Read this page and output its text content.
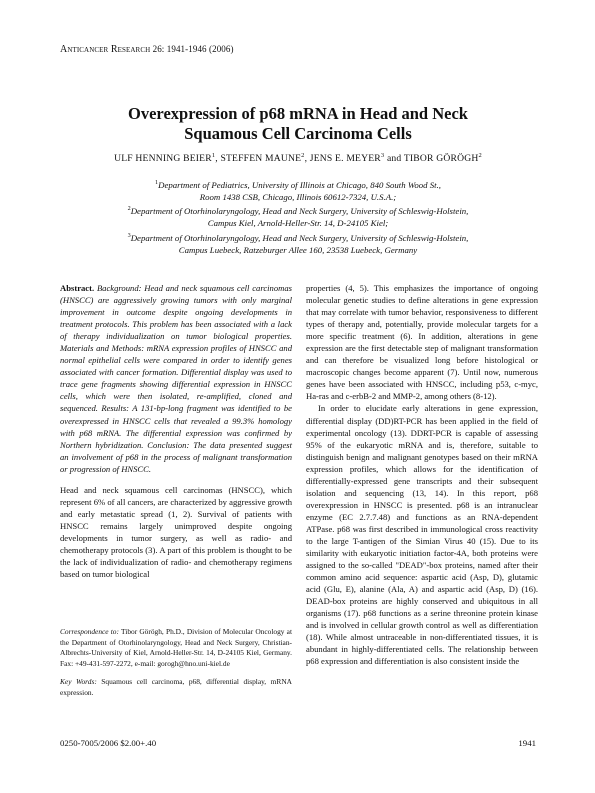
Anticancer Research 26: 1941-1946 (2006)
Overexpression of p68 mRNA in Head and Neck
Squamous Cell Carcinoma Cells
ULF HENNING BEIER$^1$, STEFFEN MAUNE$^2$, JENS E. MEYER$^3$ and TIBOR GÖRÖGH$^2$
$^1$Department of Pediatrics, University of Illinois at Chicago, 840 South Wood St.,
Room 1438 CSB, Chicago, Illinois 60612-7324, U.S.A.;
$^2$Department of Otorhinolaryngology, Head and Neck Surgery, University of Schleswig-Holstein,
Campus Kiel, Arnold-Heller-Str. 14, D-24105 Kiel;
$^3$Department of Otorhinolaryngology, Head and Neck Surgery, University of Schleswig-Holstein,
Campus Luebeck, Ratzeburger Allee 160, 23538 Luebeck, Germany

Abstract. Background: Head and neck squamous cell carcinomas (HNSCC) are aggressively growing tumors with only marginal improvement in outcome despite ongoing developments in treatment protocols. This problem has been associated with a lack of therapy individualization on tumor biological properties. Materials and Methods: mRNA expression profiles of HNSCC and normal epithelial cells were compared in order to identify genes associated with cancer formation. Differential display was used to trace gene fragments showing differential expression in HNSCC cells, which were then isolated, re-amplified, cloned and sequenced. Results: A 131-bp-long fragment was identified to be overexpressed in HNSCC cells that revealed a 99.3% homology with p68 mRNA. The differential expression was confirmed by Northern hybridization. Conclusion: The data presented suggest an involvement of p68 in the process of malignant transformation or progression of HNSCC.

Head and neck squamous cell carcinomas (HNSCC), which represent 6% of all cancers, are characterized by aggressive growth and early metastatic spread (1, 2). Survival of patients with HNSCC remains largely unimproved despite ongoing developments in tumor surgery, as well as radio- and chemotherapy protocols (3). A part of this problem is thought to be the lack of individualization of radio- and chemotherapy regimens based on tumor biological

properties (4, 5). This emphasizes the importance of ongoing molecular genetic studies to define alterations in gene expression that may correlate with tumor behavior, responsiveness to different types of therapy and, potentially, provide molecular targets for a more specific treatment (6). In addition, alterations in gene expression are the first detectable step of malignant transformation and can therefore be visualized long before histological or macroscopic changes become apparent (7). Until now, numerous genes have been associated with HNSCC, including p53, c-myc, Ha-ras and c-erbB-2 and MMP-2, among others (8-12).

In order to elucidate early alterations in gene expression, differential display (DD)RT-PCR has been applied in the field of experimental oncology (13). DDRT-PCR is capable of assessing 95% of the eukaryotic mRNA and is, therefore, suitable to distinguish benign and malignant genotypes based on their mRNA expression profiles, which allows for the identification of differentially-expressed gene transcripts and their subsequent isolation and sequencing (13, 14). In this report, p68 overexpression in HNSCC is presented. p68 is an intranuclear enzyme (EC 2.7.7.48) and functions as an RNA-dependent ATPase. p68 was first described in immunological cross reactivity to the large T-antigen of the Simian Virus 40 (15). Due to its similarity with eukaryotic initiation factor-4A, both proteins were assigned to the so-called "DEAD"-box proteins, named after their common amino acid sequence: aspartic acid (Asp, D), glutamic acid (Glu, E), alanine (Ala, A) and aspartic acid (Asp, D) (16). DEAD-box proteins are highly conserved and ubiquitous in all organisms (17). p68 functions as a serine threonine protein kinase and is involved in cellular growth control as well as differentiation (18). While almost untraceable in non-differentiated tissues, it is abundant in highly-differentiated cells. The relationship between p68 expression and differentiation is also consistent inside the

Correspondence to: Tibor Görögh, Ph.D., Division of Molecular Oncology at the Department of Otorhinolaryngology, Head and Neck Surgery, Christian-Albrechts-University of Kiel, Arnold-Heller-Str. 14, D-24105 Kiel, Germany. Fax: +49-431-597-2272, e-mail: gorogh@hno.uni-kiel.de

Key Words: Squamous cell carcinoma, p68, differential display, mRNA expression.

0250-7005/2006 $2.00+.40	1941
